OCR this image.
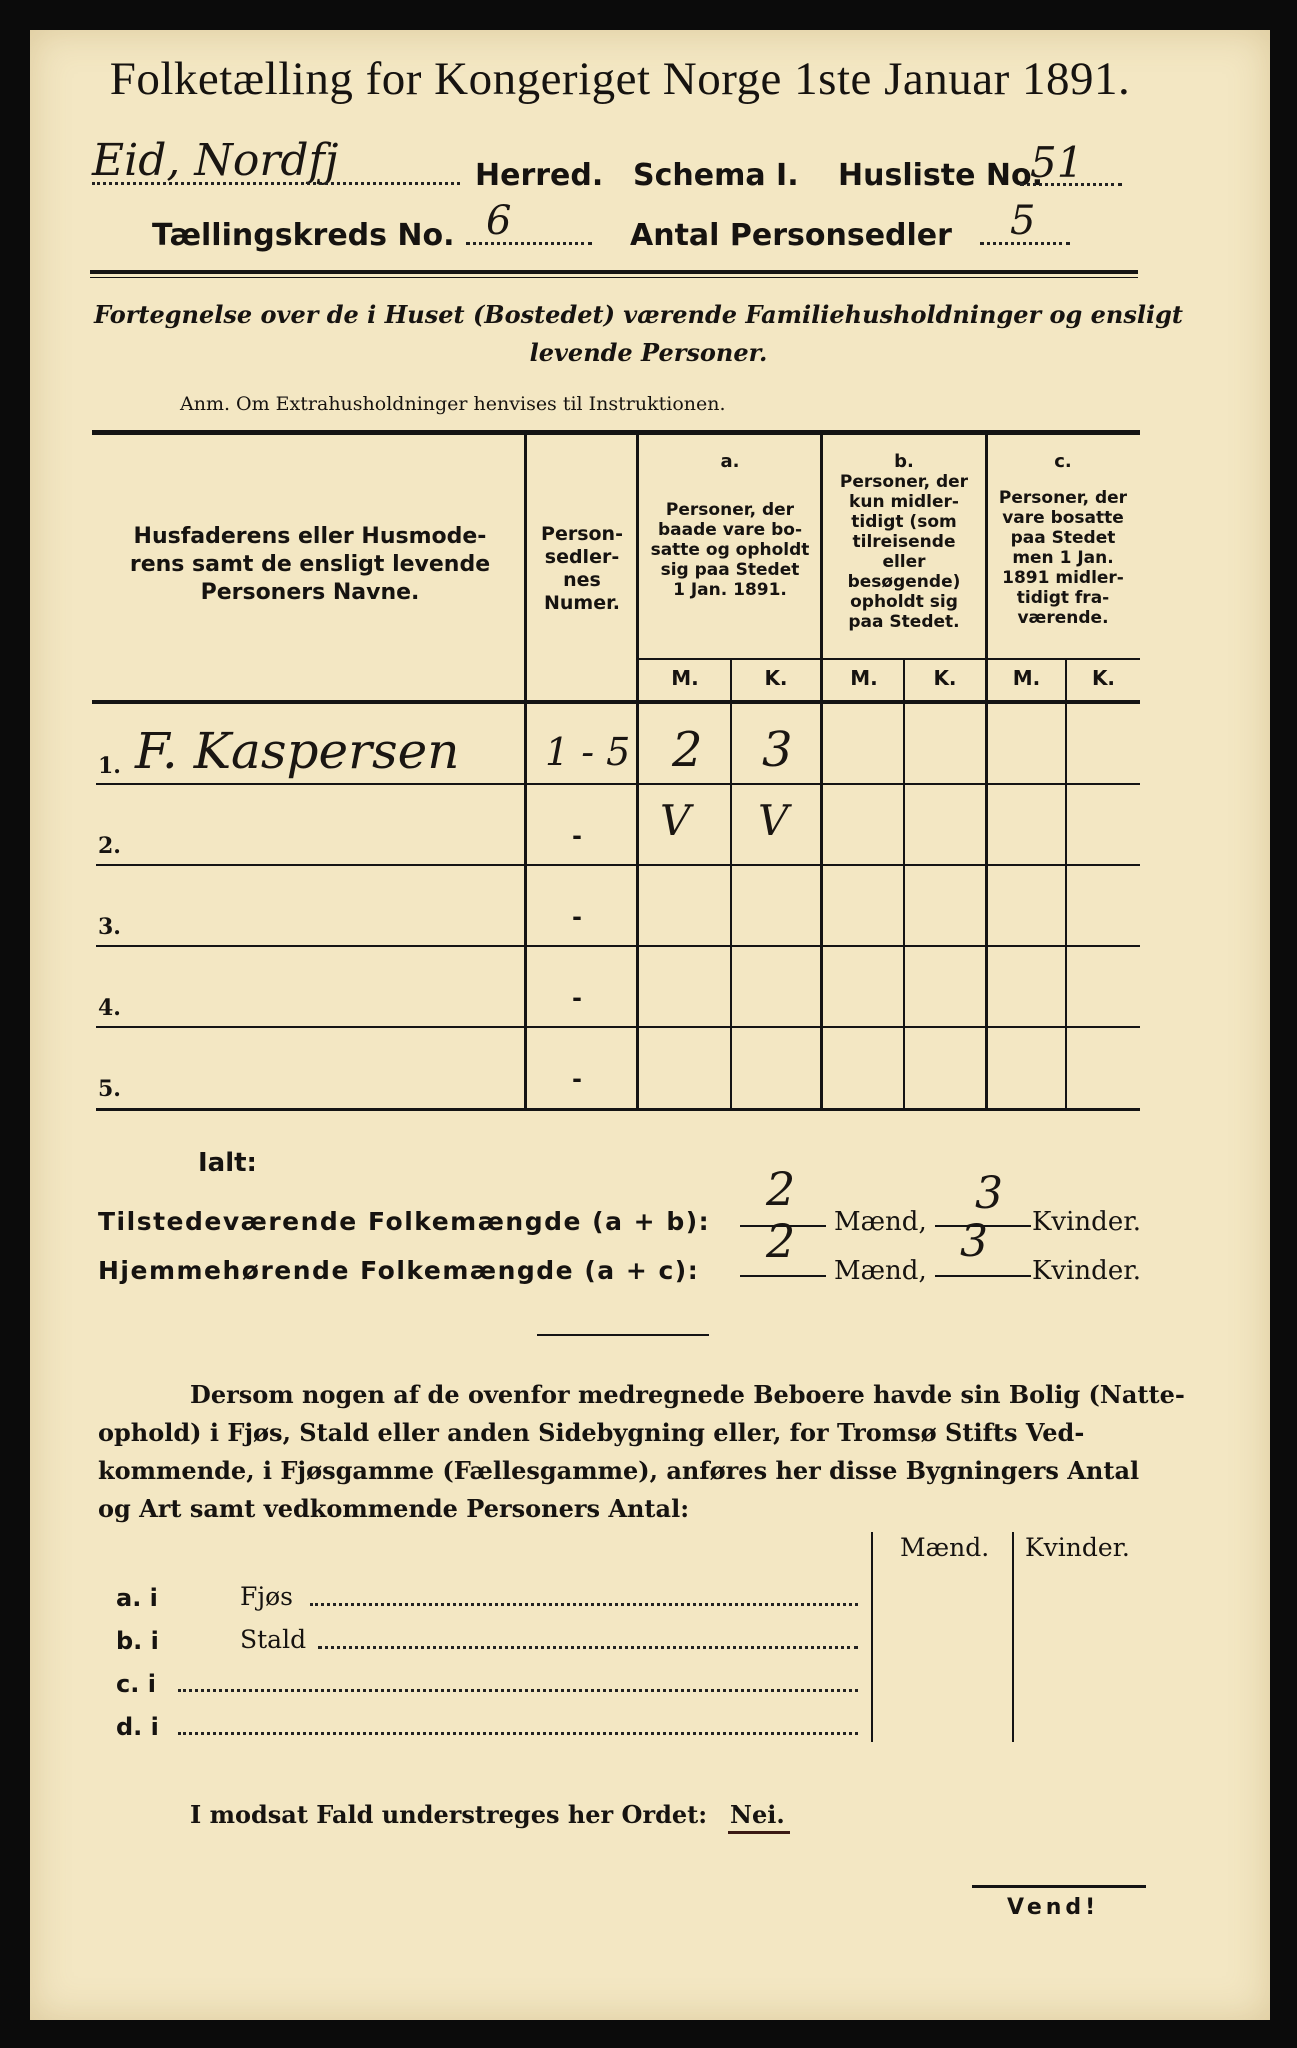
Folketælling for Kongeriget Norge 1ste Januar 1891.
Eid, Nordfj	Herred. Schema I. Husliste No.
51
Tællingskreds No. 6	Antal Personsedler 5
Fortegnelse over de i Huset (Bostedet) værende Familiehusholdninger og ensligt
levende Personer.
Anm. Om Extrahusholdninger henvises til Instruktionen.
Husfaderens eller Husmode-
rens samt de ensligt levende
Personers Navne.
Person-
sedler-
nes
Numer.
a.
Personer, der
baade vare bo-
satte og opholdt
sig paa Stedet
1 Jan. 1891.
b.
Personer, der
kun midler-
tidigt (som
tilreisende
eller
besøgende)
opholdt sig
paa Stedet.
c.
Personer, der
vare bosatte
paa Stedet
men 1 Jan.
1891 midler-
tidigt fra-
værende.
M.	K.	M.	K.	M.	K.
1. F. Kaspersen 1 - 5 2 3
2.	- V V
3.	-
4.	-
5.	-
Ialt:
Tilstedeværende Folkemængde (a + b):
2
Mænd,
3
Kvinder.
Hjemmehørende Folkemængde (a + c):
2
Mænd,
3
Kvinder.
Dersom nogen af de ovenfor medregnede Beboere havde sin Bolig (Natte-
ophold) i Fjøs, Stald eller anden Sidebygning eller, for Tromsø Stifts Ved-
kommende, i Fjøsgamme (Fællesgamme), anføres her disse Bygningers Antal
og Art samt vedkommende Personers Antal:
Mænd. Kvinder.
a. i	Fjøs
b. i	Stald
c. i
d. i
I modsat Fald understreges her Ordet: Nei.
Vend!
